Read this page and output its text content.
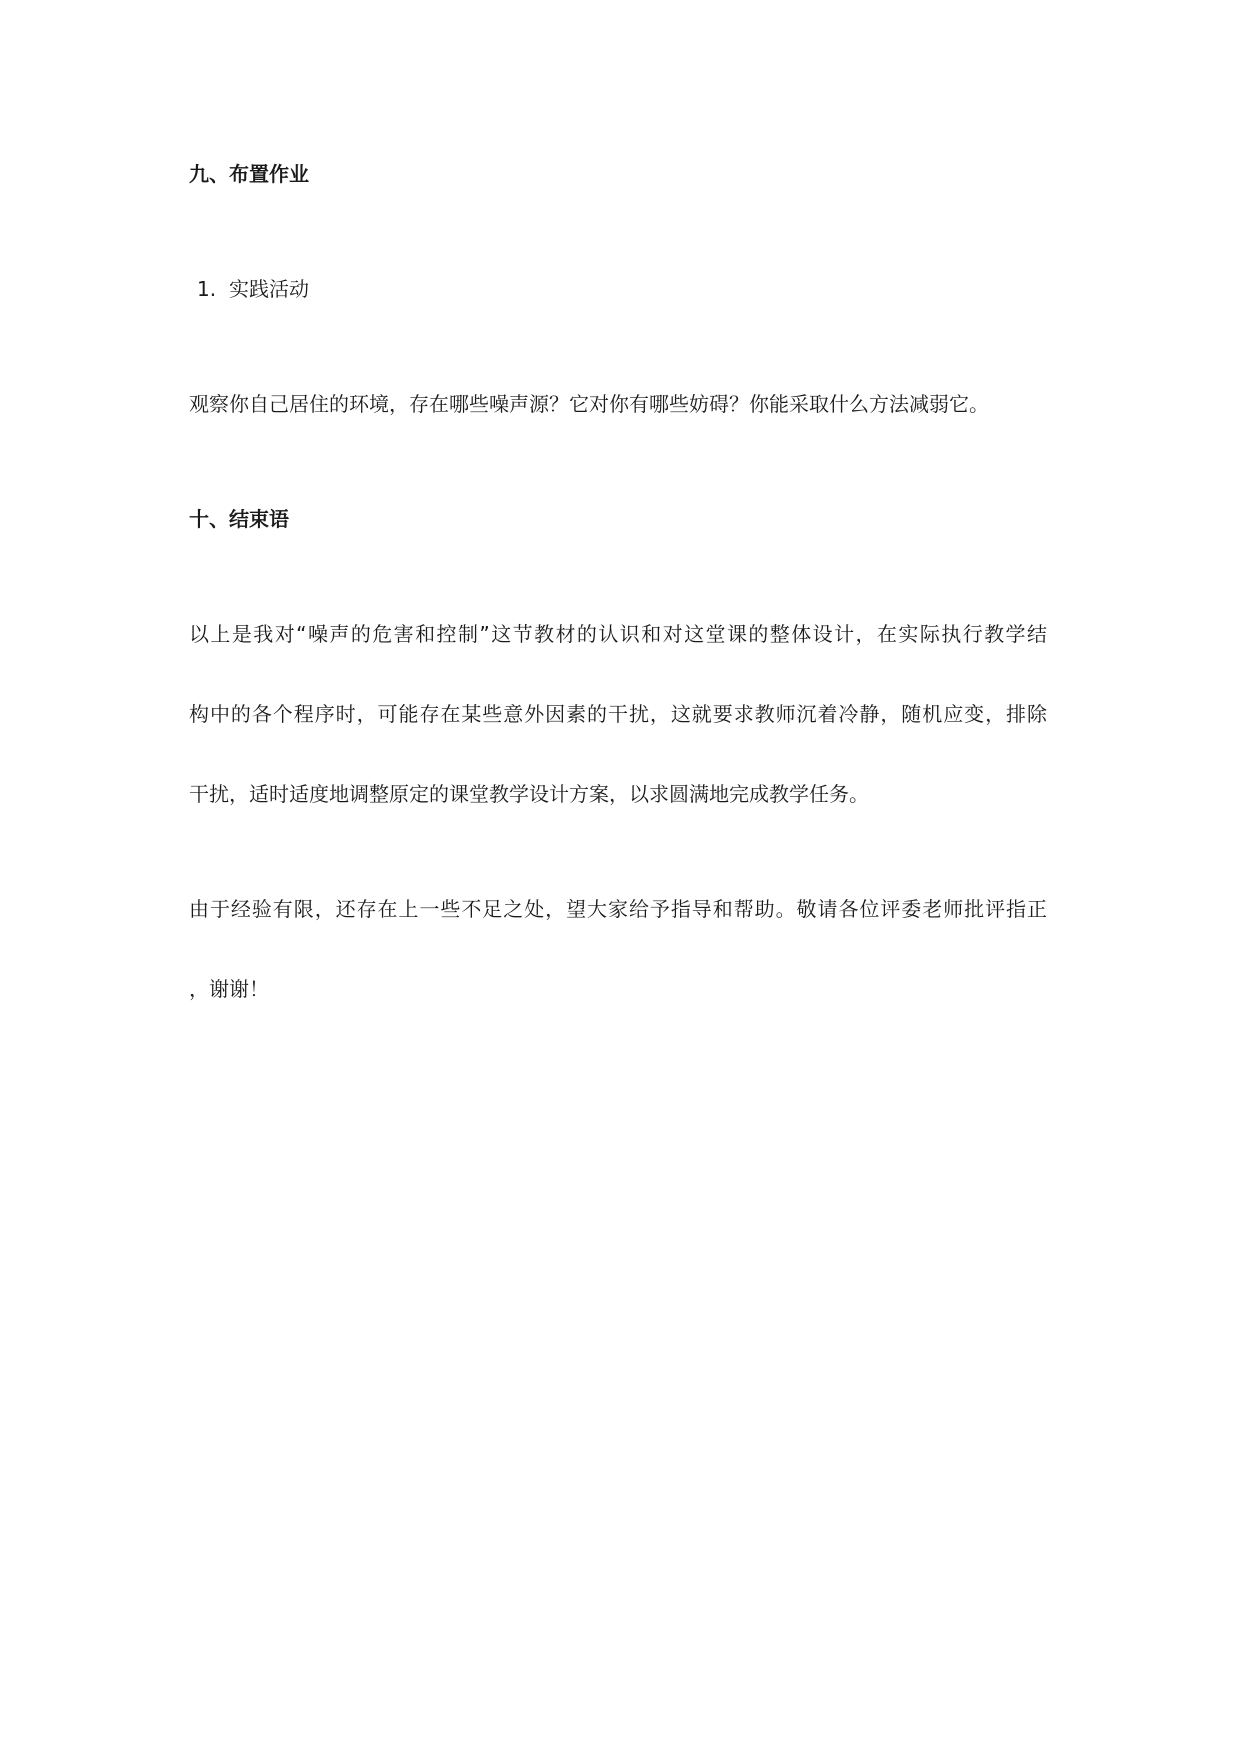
九、布置作业
1. 实践活动
观察你自己居住的环境，存在哪些噪声源？它对你有哪些妨碍？你能采取什么方法减弱它。
十、结束语
以上是我对“噪声的危害和控制”这节教材的认识和对这堂课的整体设计，在实际执行教学结
构中的各个程序时，可能存在某些意外因素的干扰，这就要求教师沉着冷静，随机应变，排除
干扰，适时适度地调整原定的课堂教学设计方案，以求圆满地完成教学任务。
由于经验有限，还存在上一些不足之处，望大家给予指导和帮助。敬请各位评委老师批评指正
，谢谢！
